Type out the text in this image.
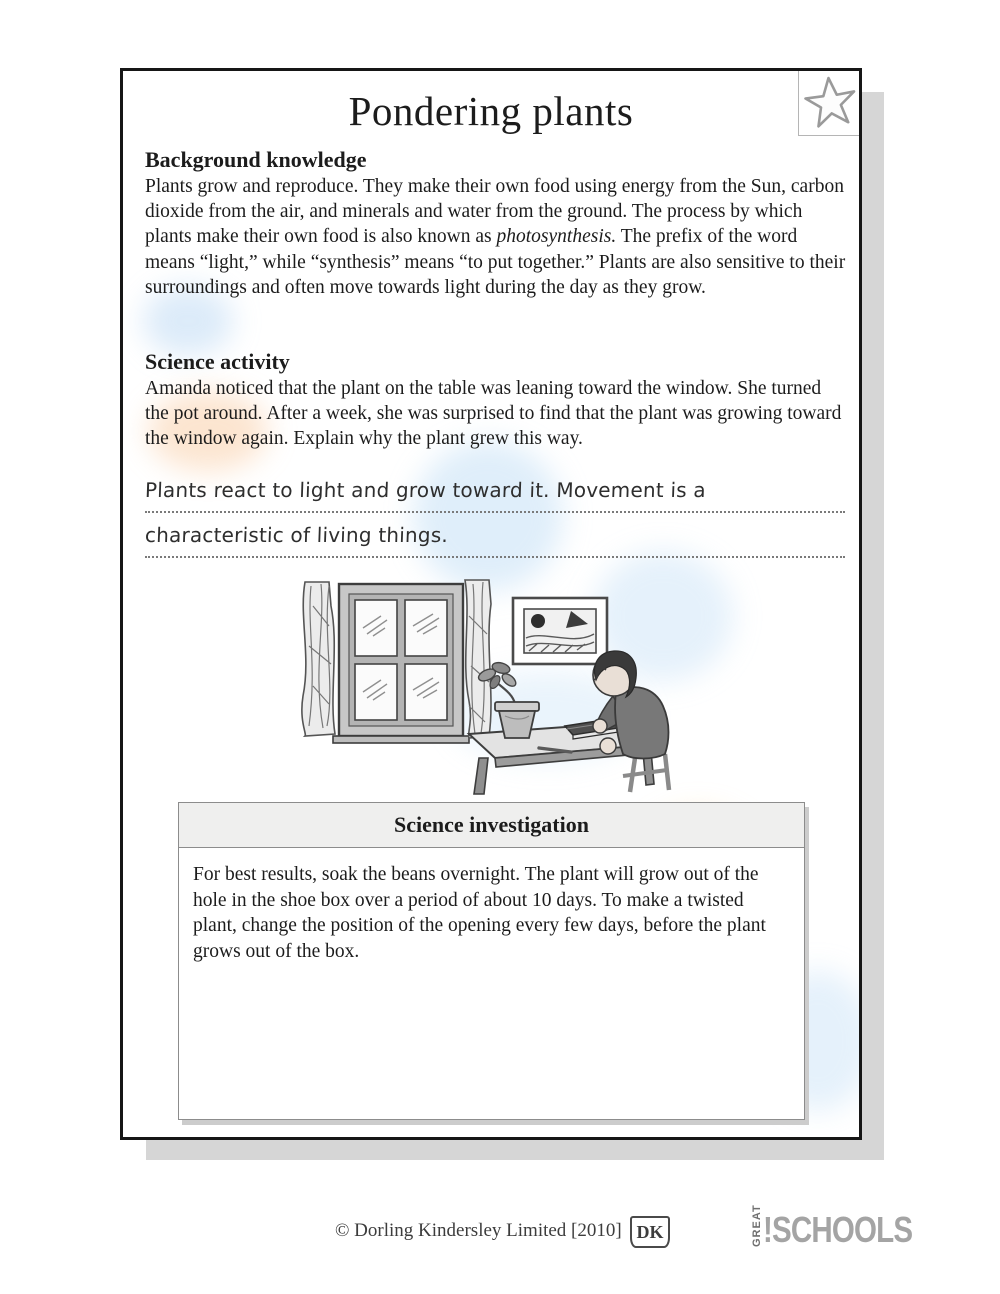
Pondering plants
Background knowledge
Plants grow and reproduce. They make their own food using energy from the Sun, carbon dioxide from the air, and minerals and water from the ground. The process by which plants make their own food is also known as photosynthesis. The prefix of the word means “light,” while “synthesis” means “to put together.” Plants are also sensitive to their surroundings and often move towards light during the day as they grow.
Science activity
Amanda noticed that the plant on the table was leaning toward the window. She turned the pot around. After a week, she was surprised to find that the plant was growing toward the window again. Explain why the plant grew this way.
Plants react to light and grow toward it. Movement is a
characteristic of living things.
Science investigation
For best results, soak the beans overnight. The plant will grow out of the hole in the shoe box over a period of about 10 days. To make a twisted plant, change the position of the opening every few days, before the plant grows out of the box.
© Dorling Kindersley Limited [2010] DK	GREAT !SCHOOLS
